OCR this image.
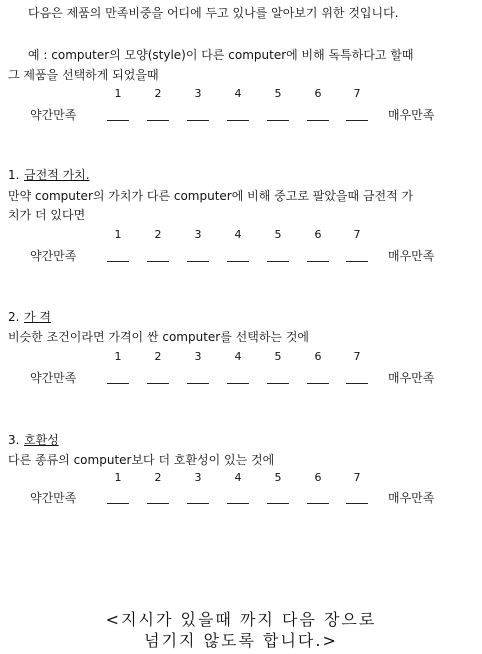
다음은 제품의 만족비중을 어디에 두고 있나를 알아보기 위한 것입니다.
예 : computer의 모양(style)이 다른 computer에 비해 독특하다고 할때
그 제품을 선택하게 되었을때
1	2	3	4	5	6	7
약간만족	매우만족
1. 금전적 가치.
만약 computer의 가치가 다른 computer에 비해 중고로 팔았을때 금전적 가
치가 더 있다면
1	2	3	4	5	6	7
약간만족	매우만족
2. 가 격
비슷한 조건이라면 가격이 싼 computer를 선택하는 것에
1	2	3	4	5	6	7
약간만족	매우만족
3. 호환성
다른 종류의 computer보다 더 호환성이 있는 것에
1	2	3	4	5	6	7
약간만족	매우만족
<지시가 있을때 까지 다음 장으로
넘기지 않도록 합니다.>
